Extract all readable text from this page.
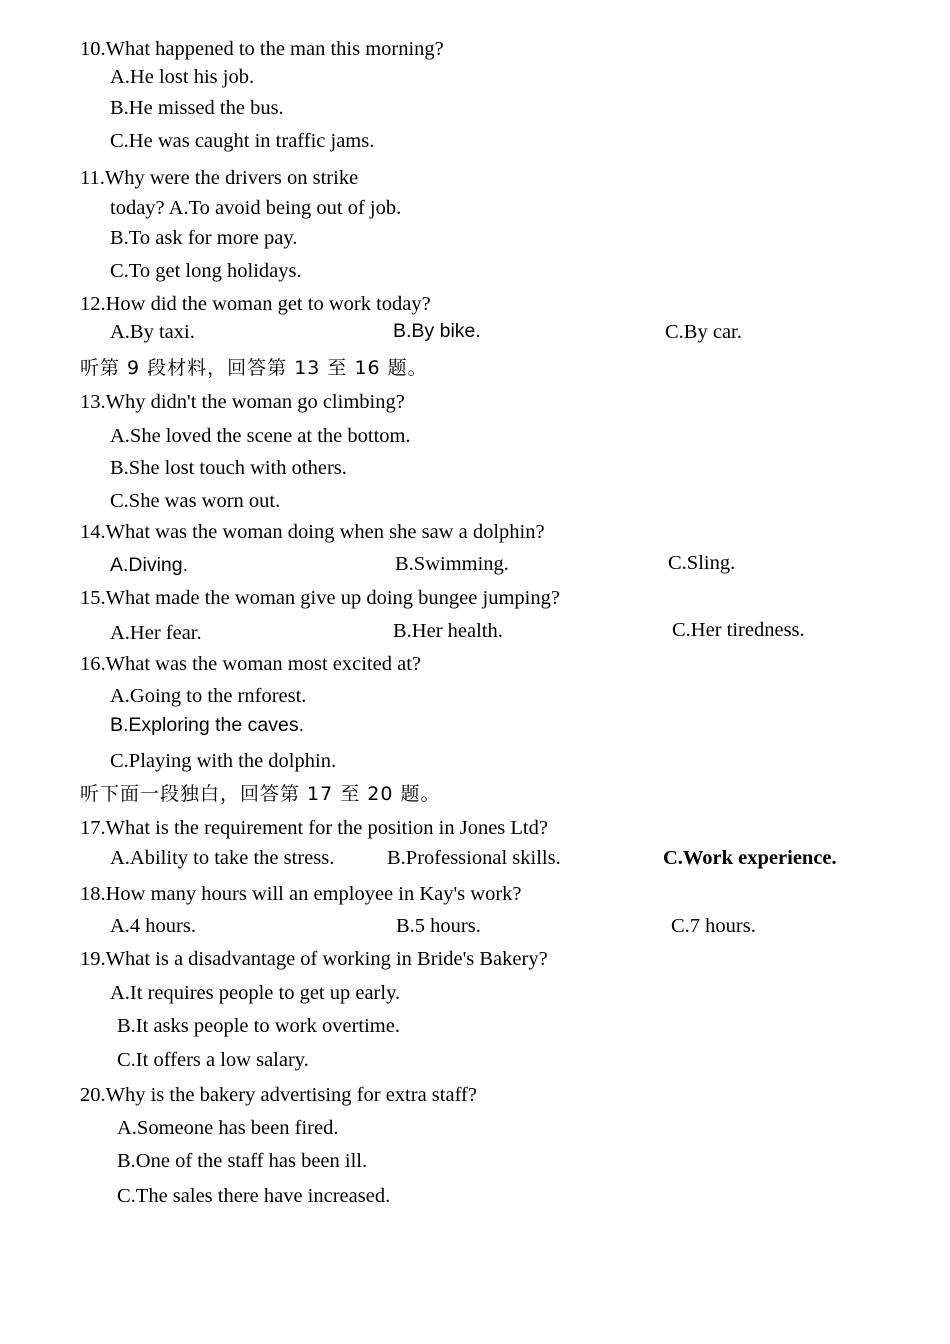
10.What happened to the man this morning?
A.He lost his job.
B.He missed the bus.
C.He was caught in traffic jams.
11.Why were the drivers on strike
today? A.To avoid being out of job.
B.To ask for more pay.
C.To get long holidays.
12.How did the woman get to work today?
A.By taxi.	B.By bike.	C.By car.
听第 9 段材料，回答第 13 至 16 题。
13.Why didn't the woman go climbing?
A.She loved the scene at the bottom.
B.She lost touch with others.
C.She was worn out.
14.What was the woman doing when she saw a dolphin?
A.Diving.	B.Swimming.	C.Sling.
15.What made the woman give up doing bungee jumping?
A.Her fear.	B.Her health.	C.Her tiredness.
16.What was the woman most excited at?
A.Going to the rnforest.
B.Exploring the caves.
C.Playing with the dolphin.
听下面一段独白，回答第 17 至 20 题。
17.What is the requirement for the position in Jones Ltd?
A.Ability to take the stress.	B.Professional skills.	C.Work experience.
18.How many hours will an employee in Kay's work?
A.4 hours.	B.5 hours.	C.7 hours.
19.What is a disadvantage of working in Bride's Bakery?
A.It requires people to get up early.
B.It asks people to work overtime.
C.It offers a low salary.
20.Why is the bakery advertising for extra staff?
A.Someone has been fired.
B.One of the staff has been ill.
C.The sales there have increased.
